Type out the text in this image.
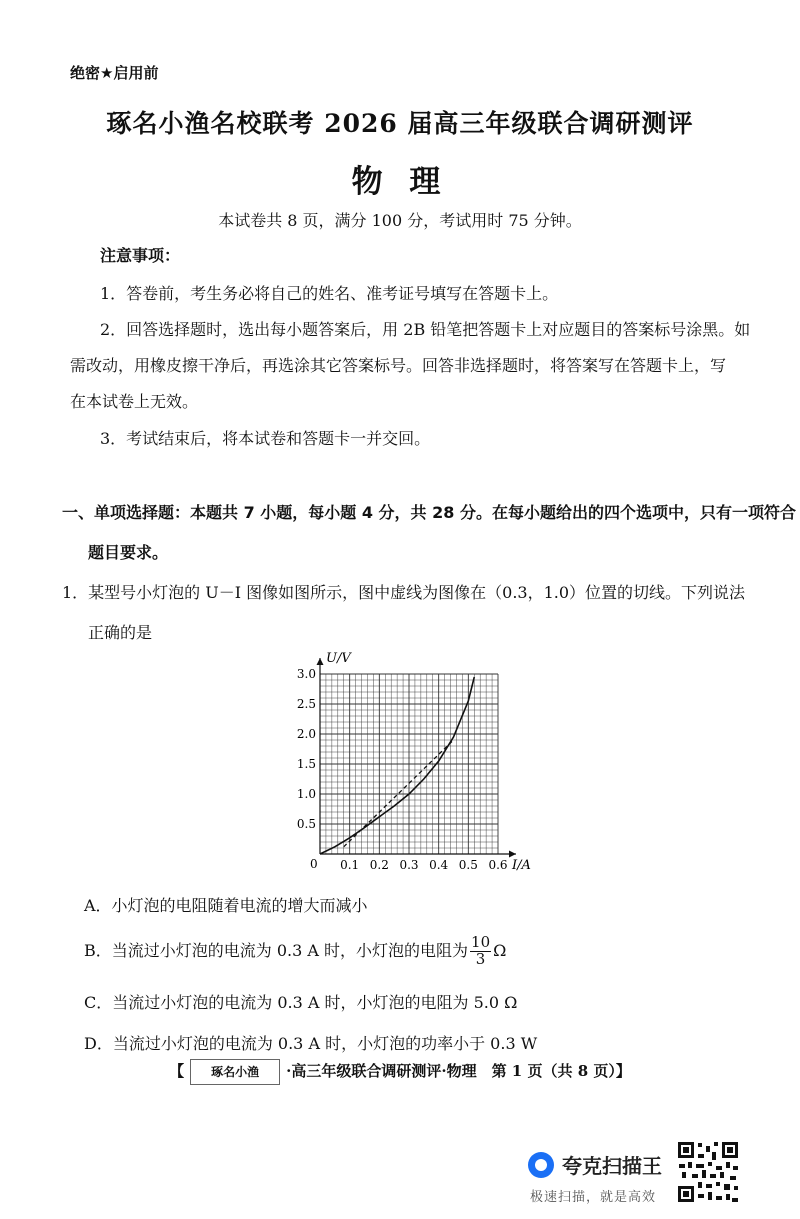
绝密★启用前
琢名小渔名校联考 2026 届高三年级联合调研测评
物 理
本试卷共 8 页，满分 100 分，考试用时 75 分钟。
注意事项：
1．答卷前，考生务必将自己的姓名、准考证号填写在答题卡上。
2．回答选择题时，选出每小题答案后，用 2B 铅笔把答题卡上对应题目的答案标号涂黑。如
需改动，用橡皮擦干净后，再选涂其它答案标号。回答非选择题时，将答案写在答题卡上，写
在本试卷上无效。
3．考试结束后，将本试卷和答题卡一并交回。
一、单项选择题：本题共 7 小题，每小题 4 分，共 28 分。在每小题给出的四个选项中，只有一项符合
题目要求。
1．某型号小灯泡的 U－I 图像如图所示，图中虚线为图像在（0.3，1.0）位置的切线。下列说法
正确的是
0.5
1.0
1.5
2.0
2.5
3.0
0.1 0.2 0.3 0.4 0.5 0.6
0	I/A
U/V
A．小灯泡的电阻随着电流的增大而减小
B．当流过小灯泡的电流为 0.3 A 时，小灯泡的电阻为 $\frac{10}{3}$ Ω
C．当流过小灯泡的电流为 0.3 A 时，小灯泡的电阻为 5.0 Ω
D．当流过小灯泡的电流为 0.3 A 时，小灯泡的功率小于 0.3 W
【 琢名小渔 ·高三年级联合调研测评·物理　第 1 页（共 8 页）】
夸克扫描王
极速扫描，就是高效
